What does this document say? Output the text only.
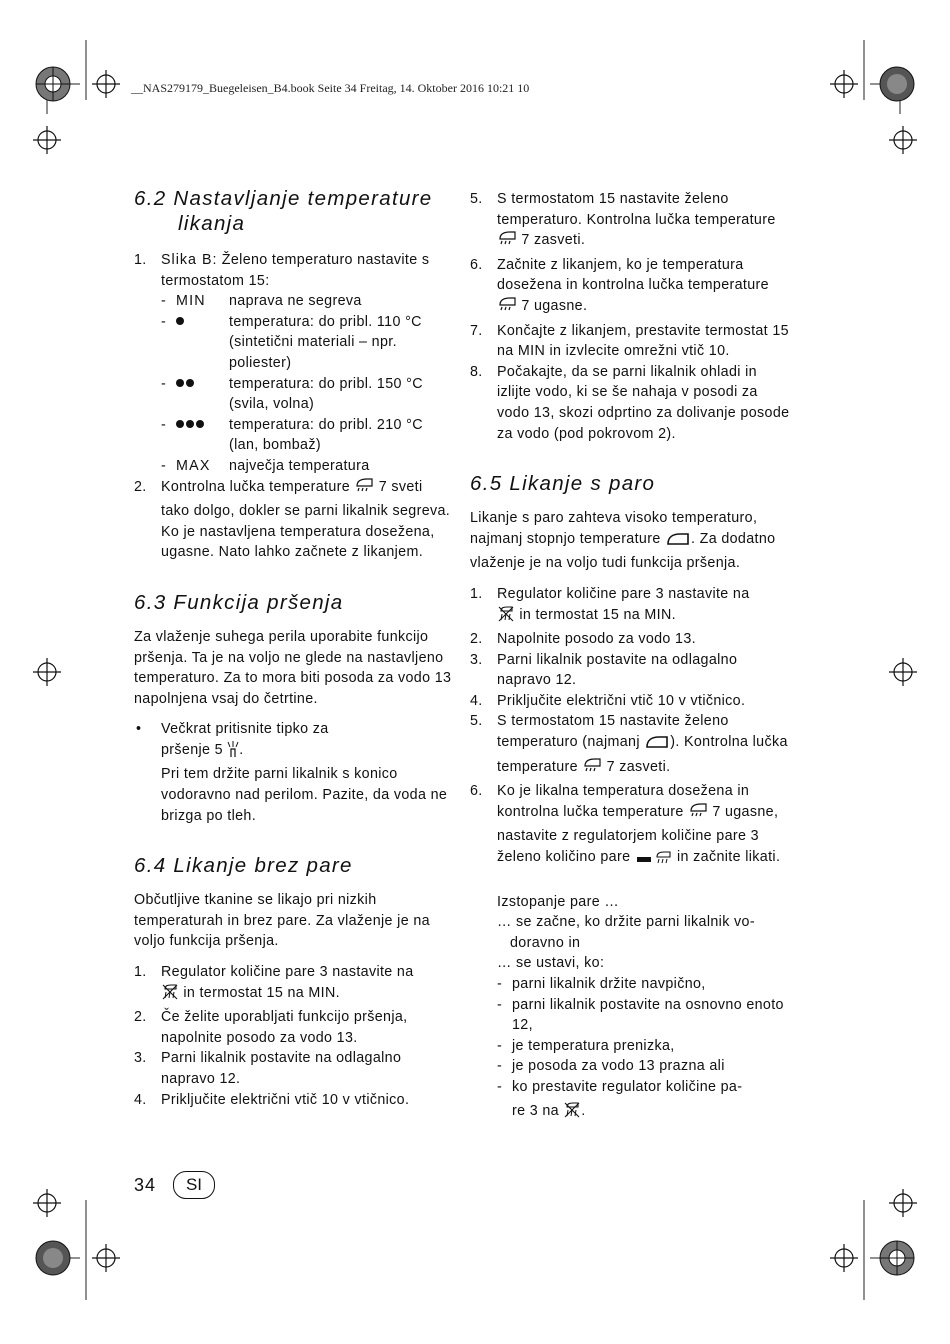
__NAS279179_Buegeleisen_B4.book Seite 34 Freitag, 14. Oktober 2016 10:21 10
6.2 Nastavljanje temperature
likanja
1. Slika B: Želeno temperaturo nastavite s termostatom 15:
- MIN naprava ne segreva
-	temperatura: do pribl. 110 °C (sintetični materiali – npr. poliester)
-	temperatura: do pribl. 150 °C (svila, volna)
-	temperatura: do pribl. 210 °C (lan, bombaž)
- MAX največja temperatura
2. Kontrolna lučka temperature  7 sveti tako dolgo, dokler se parni likalnik segreva. Ko je nastavljena temperatura dosežena, ugasne. Nato lahko začnete z likanjem.
6.3 Funkcija pršenja

Za vlaženje suhega perila uporabite funkcijo pršenja. Ta je na voljo ne glede na nastavljeno temperaturo. Za to mora biti posoda za vodo 13 napolnjena vsaj do četrtine.

• Večkrat pritisnite tipko za
pršenje 5 .
Pri tem držite parni likalnik s konico vodoravno nad perilom. Pazite, da voda ne brizga po tleh.
6.4 Likanje brez pare

Občutljive tkanine se likajo pri nizkih temperaturah in brez pare. Za vlaženje je na voljo funkcija pršenja.

1. Regulator količine pare 3 nastavite na
in termostat 15 na MIN.
2. Če želite uporabljati funkcijo pršenja, napolnite posodo za vodo 13.
3. Parni likalnik postavite na odlagalno napravo 12.
4. Priključite električni vtič 10 v vtičnico.
5. S termostatom 15 nastavite želeno temperaturo. Kontrolna lučka temperature  7 zasveti.
6. Začnite z likanjem, ko je temperatura dosežena in kontrolna lučka temperature  7 ugasne.
7. Končajte z likanjem, prestavite termostat 15 na MIN in izvlecite omrežni vtič 10.
8. Počakajte, da se parni likalnik ohladi in izlijte vodo, ki se še nahaja v posodi za vodo 13, skozi odprtino za dolivanje posode za vodo (pod pokrovom 2).
6.5 Likanje s paro

Likanje s paro zahteva visoko temperaturo, najmanj stopnjo temperature . Za dodatno vlaženje je na voljo tudi funkcija pršenja.

1. Regulator količine pare 3 nastavite na
in termostat 15 na MIN.
2. Napolnite posodo za vodo 13.
3. Parni likalnik postavite na odlagalno napravo 12.
4. Priključite električni vtič 10 v vtičnico.
5. S termostatom 15 nastavite želeno temperaturo (najmanj ). Kontrolna lučka temperature  7 zasveti.
6. Ko je likalna temperatura dosežena in kontrolna lučka temperature  7 ugasne, nastavite z regulatorjem količine pare 3 želeno količino pare	in začnite likati.
Izstopanje pare …
… se začne, ko držite parni likalnik vo-
doravno in
… se ustavi, ko:
- parni likalnik držite navpično,
- parni likalnik postavite na osnovno enoto 12,
- je temperatura prenizka,
- je posoda za vodo 13 prazna ali
- ko prestavite regulator količine pa-
re 3 na .
34	SI
